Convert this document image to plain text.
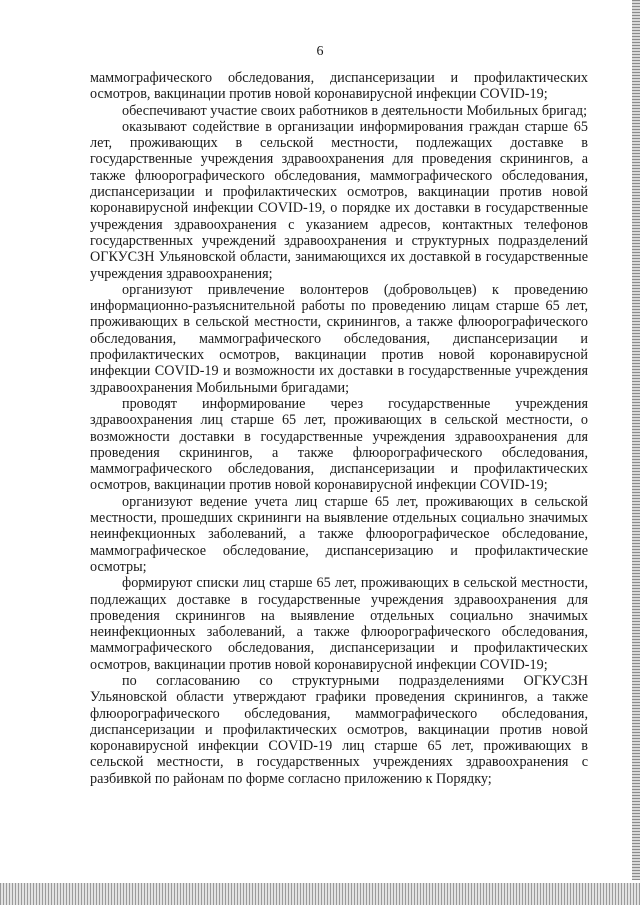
6

маммографического обследования, диспансеризации и профилактических осмотров, вакцинации против новой коронавирусной инфекции COVID-19;

обеспечивают участие своих работников в деятельности Мобильных бригад;

оказывают содействие в организации информирования граждан старше 65 лет, проживающих в сельской местности, подлежащих доставке в государственные учреждения здравоохранения для проведения скринингов, а также флюорографического обследования, маммографического обследования, диспансеризации и профилактических осмотров, вакцинации против новой коронавирусной инфекции COVID-19, о порядке их доставки в государственные учреждения здравоохранения с указанием адресов, контактных телефонов государственных учреждений здравоохранения и структурных подразделений ОГКУСЗН Ульяновской области, занимающихся их доставкой в государственные учреждения здравоохранения;

организуют привлечение волонтеров (добровольцев) к проведению информационно-разъяснительной работы по проведению лицам старше 65 лет, проживающих в сельской местности, скринингов, а также флюорографического обследования, маммографического обследования, диспансеризации и профилактических осмотров, вакцинации против новой коронавирусной инфекции COVID-19 и возможности их доставки в государственные учреждения здравоохранения Мобильными бригадами;

проводят информирование через государственные учреждения здравоохранения лиц старше 65 лет, проживающих в сельской местности, о возможности доставки в государственные учреждения здравоохранения для проведения скринингов, а также флюорографического обследования, маммографического обследования, диспансеризации и профилактических осмотров, вакцинации против новой коронавирусной инфекции COVID-19;

организуют ведение учета лиц старше 65 лет, проживающих в сельской местности, прошедших скрининги на выявление отдельных социально значимых неинфекционных заболеваний, а также флюорографическое обследование, маммографическое обследование, диспансеризацию и профилактические осмотры;

формируют списки лиц старше 65 лет, проживающих в сельской местности, подлежащих доставке в государственные учреждения здравоохранения для проведения скринингов на выявление отдельных социально значимых неинфекционных заболеваний, а также флюорографического обследования, маммографического обследования, диспансеризации и профилактических осмотров, вакцинации против новой коронавирусной инфекции COVID-19;

по согласованию со структурными подразделениями ОГКУСЗН Ульяновской области утверждают графики проведения скринингов, а также флюорографического обследования, маммографического обследования, диспансеризации и профилактических осмотров, вакцинации против новой коронавирусной инфекции COVID-19 лиц старше 65 лет, проживающих в сельской местности, в государственных учреждениях здравоохранения с разбивкой по районам по форме согласно приложению к Порядку;
